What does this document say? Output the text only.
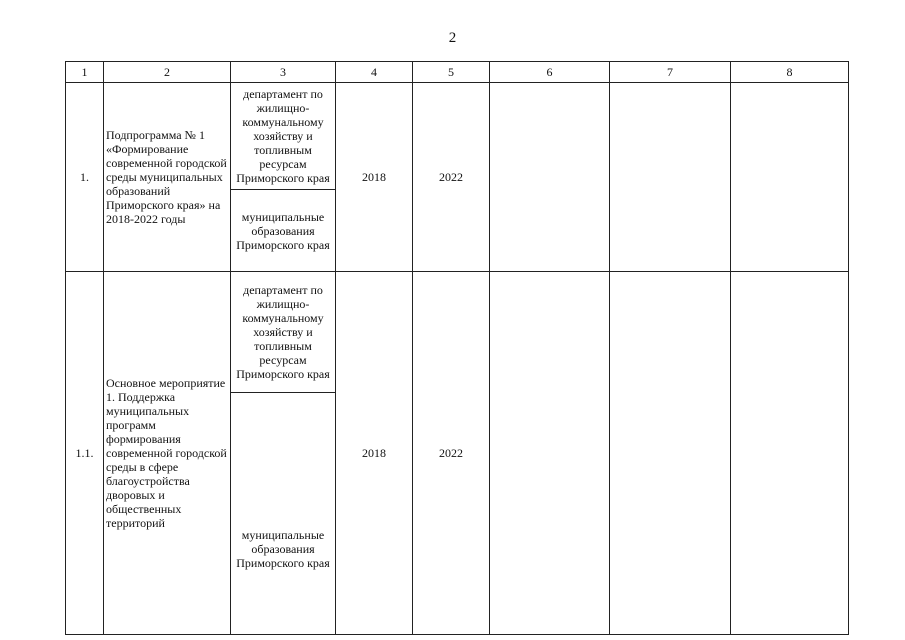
2
1	2	3	4	5	6	7	8
1.	Подпрограмма № 1 «Формирование современной городской среды муниципальных образований Приморского края» на 2018-2022 годы	департамент по жилищно-коммунальному хозяйству и топливным ресурсам Приморского края	2018	2022			
		муниципальные образования Приморского края					
1.1.	Основное мероприятие 1. Поддержка муниципальных программ формирования современной городской среды в сфере благоустройства дворовых и общественных территорий	департамент по жилищно-коммунальному хозяйству и топливным ресурсам Приморского края	2018	2022			
		муниципальные образования Приморского края					
